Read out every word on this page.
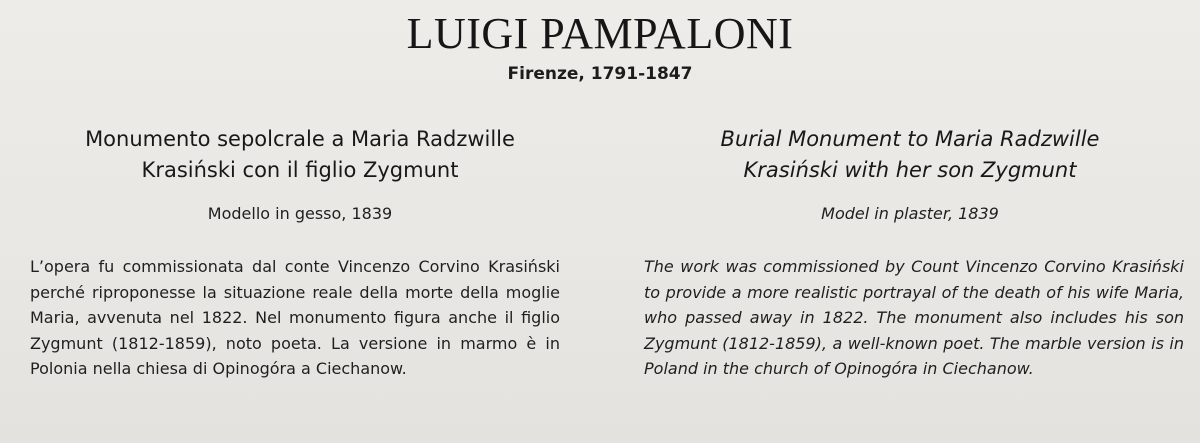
LUIGI PAMPALONI

Firenze, 1791-1847

Monumento sepolcrale a Maria Radzwille
Krasiński con il figlio Zygmunt

Modello in gesso, 1839

L’opera fu commissionata dal conte Vincenzo Corvino Krasiński perché riproponesse la situazione reale della morte della moglie Maria, avvenuta nel 1822. Nel monumento figura anche il figlio Zygmunt (1812-1859), noto poeta. La versione in marmo è in Polonia nella chiesa di Opinogóra a Ciechanow.

Burial Monument to Maria Radzwille
Krasiński with her son Zygmunt

Model in plaster, 1839

The work was commissioned by Count Vincenzo Corvino Krasiński to provide a more realistic portrayal of the death of his wife Maria, who passed away in 1822. The monument also includes his son Zygmunt (1812-1859), a well-known poet. The marble version is in Poland in the church of Opinogóra in Ciechanow.
